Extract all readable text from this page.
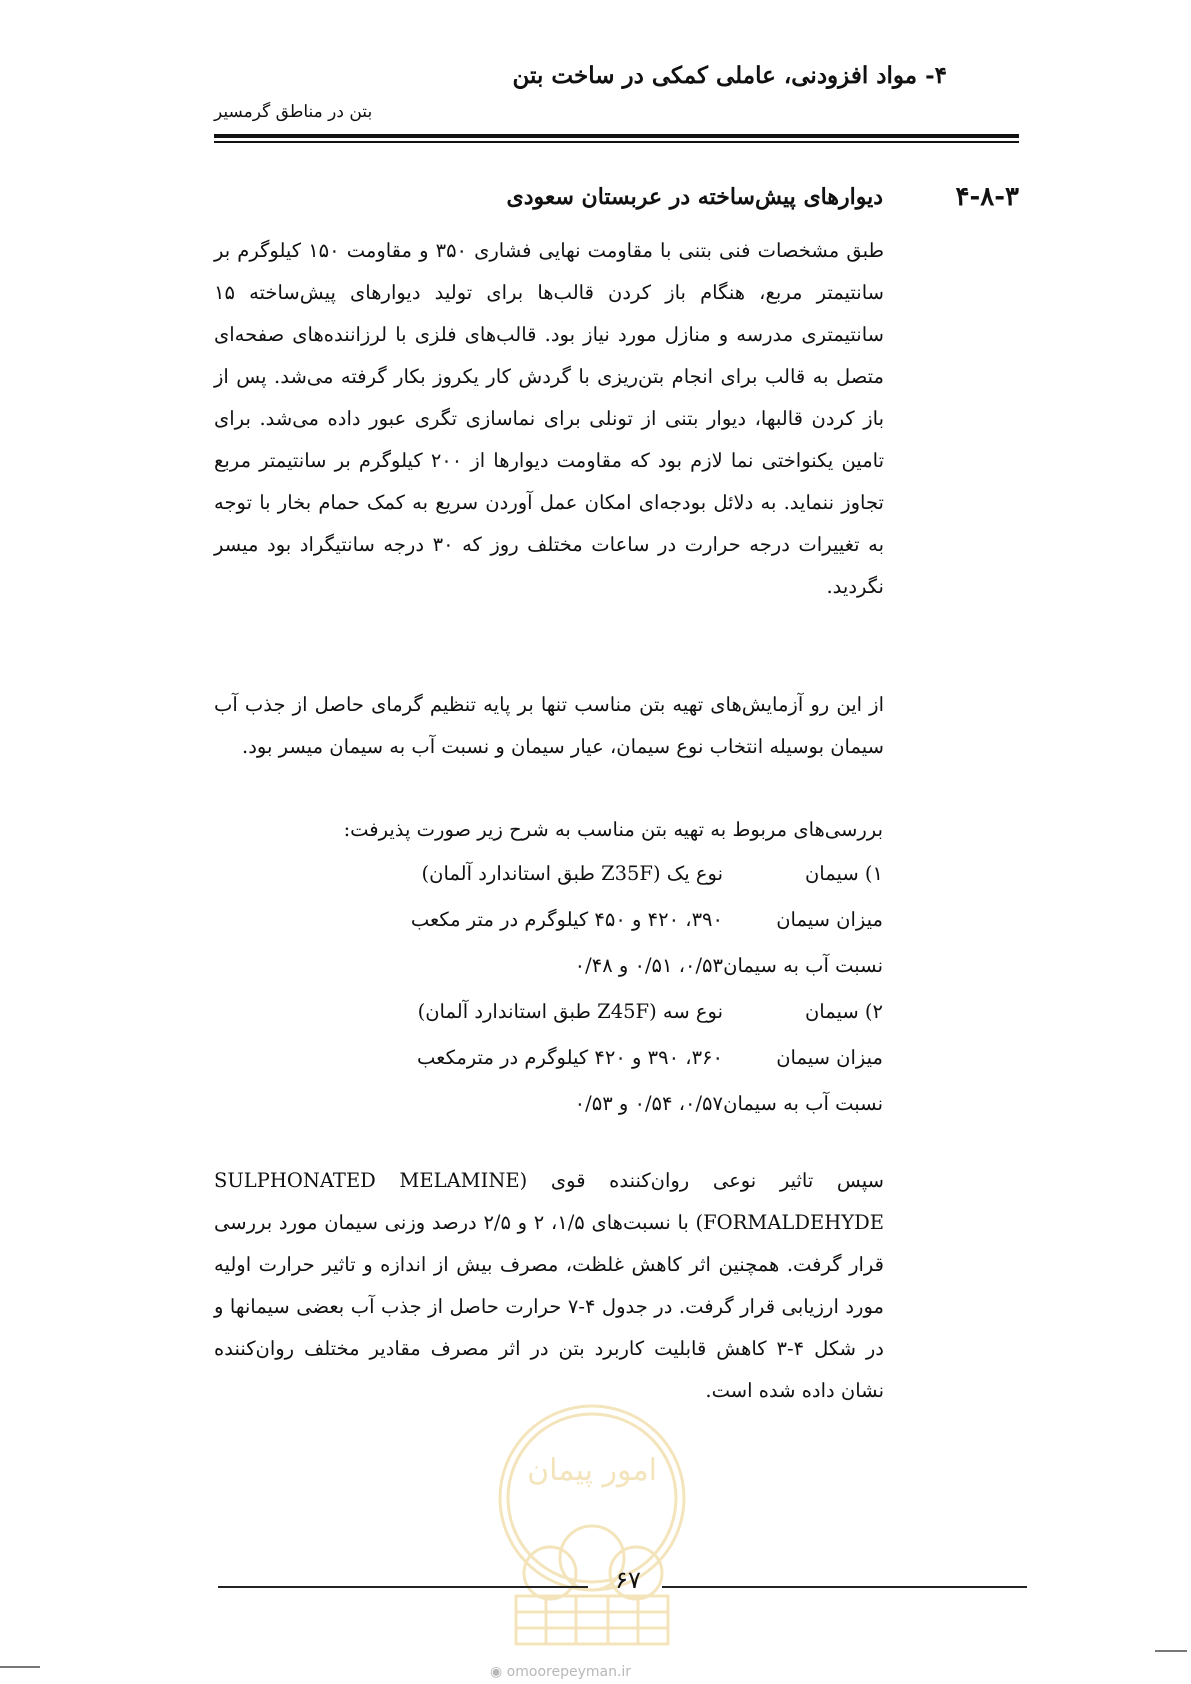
۴- مواد افزودنی، عاملی کمکی در ساخت بتن
بتن در مناطق گرمسیر
۴-۸-۳
دیوارهای پیش‌ساخته در عربستان سعودی
طبق مشخصات فنی بتنی با مقاومت نهایی فشاری ۳۵۰ و مقاومت ۱۵۰ کیلوگرم بر سانتیمتر مربع، هنگام باز کردن قالب‌ها برای تولید دیوارهای پیش‌ساخته ۱۵ سانتیمتری مدرسه و منازل مورد نیاز بود. قالب‌های فلزی با لرزاننده‌های صفحه‌ای متصل به قالب برای انجام بتن‌ریزی با گردش کار یکروز بکار گرفته می‌شد. پس از باز کردن قالبها، دیوار بتنی از تونلی برای نماسازی تگری عبور داده می‌شد. برای تامین یکنواختی نما لازم بود که مقاومت دیوارها از ۲۰۰ کیلوگرم بر سانتیمتر مربع تجاوز ننماید. به دلائل بودجه‌ای امکان عمل آوردن سریع به کمک حمام بخار با توجه به تغییرات درجه حرارت در ساعات مختلف روز که ۳۰ درجه سانتیگراد بود میسر نگردید.
از این رو آزمایش‌های تهیه بتن مناسب تنها بر پایه تنظیم گرمای حاصل از جذب آب سیمان بوسیله انتخاب نوع سیمان، عیار سیمان و نسبت آب به سیمان میسر بود.
بررسی‌های مربوط به تهیه بتن مناسب به شرح زیر صورت پذیرفت:
۱) سیمان
نوع یک (Z35F طبق استاندارد آلمان)
میزان سیمان
۳۹۰، ۴۲۰ و ۴۵۰ کیلوگرم در متر مکعب
نسبت آب به سیمان
۰/۵۳، ۰/۵۱ و ۰/۴۸
۲) سیمان
نوع سه (Z45F طبق استاندارد آلمان)
میزان سیمان
۳۶۰، ۳۹۰ و ۴۲۰ کیلوگرم در مترمکعب
نسبت آب به سیمان
۰/۵۷، ۰/۵۴ و ۰/۵۳
سپس تاثیر نوعی روان‌کننده قوی (SULPHONATED MELAMINE FORMALDEHYDE) با نسبت‌های ۱/۵، ۲ و ۲/۵ درصد وزنی سیمان مورد بررسی قرار گرفت. همچنین اثر کاهش غلظت، مصرف بیش از اندازه و تاثیر حرارت اولیه مورد ارزیابی قرار گرفت. در جدول ۴-۷ حرارت حاصل از جذب آب بعضی سیمانها و در شکل ۴-۳ کاهش قابلیت کاربرد بتن در اثر مصرف مقادیر مختلف روان‌کننده نشان داده شده است.
امور پیمان
۶۷
◉ omoorepeyman.ir
